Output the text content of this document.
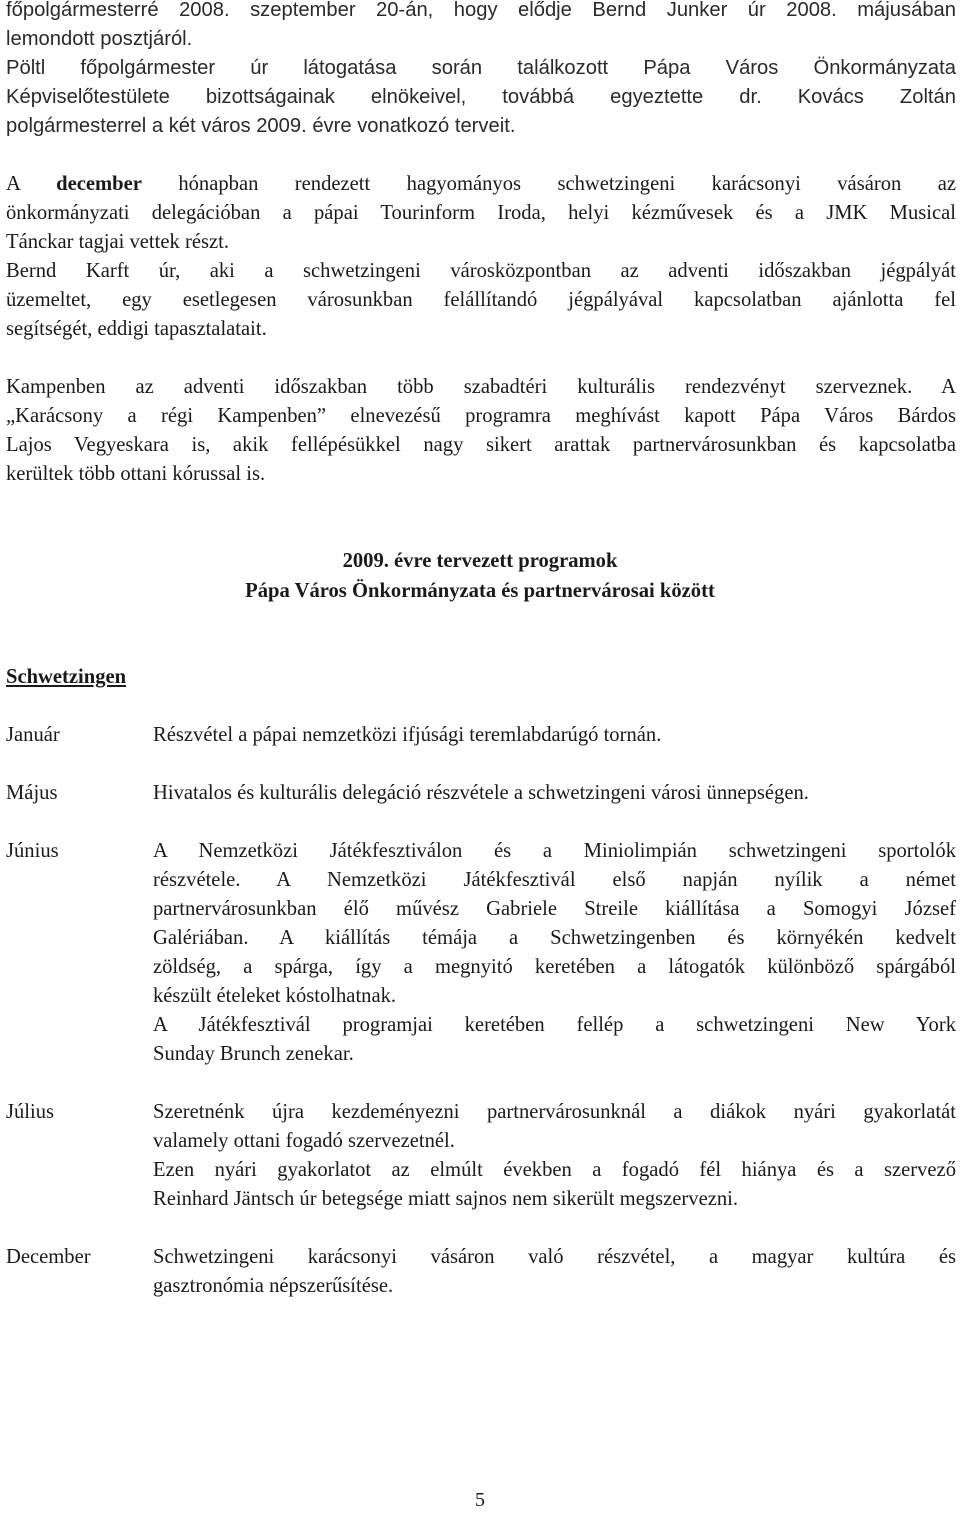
főpolgármesterré 2008. szeptember 20-án, hogy elődje Bernd Junker úr 2008. májusában
lemondott posztjáról.
Pöltl főpolgármester úr látogatása során találkozott Pápa Város Önkormányzata
Képviselőtestülete bizottságainak elnökeivel, továbbá egyeztette dr. Kovács Zoltán
polgármesterrel a két város 2009. évre vonatkozó terveit.
A december hónapban rendezett hagyományos schwetzingeni karácsonyi vásáron az
önkormányzati delegációban a pápai Tourinform Iroda, helyi kézművesek és a JMK Musical
Tánckar tagjai vettek részt.
Bernd Karft úr, aki a schwetzingeni városközpontban az adventi időszakban jégpályát
üzemeltet, egy esetlegesen városunkban felállítandó jégpályával kapcsolatban ajánlotta fel
segítségét, eddigi tapasztalatait.
Kampenben az adventi időszakban több szabadtéri kulturális rendezvényt szerveznek. A
„Karácsony a régi Kampenben” elnevezésű programra meghívást kapott Pápa Város Bárdos
Lajos Vegyeskara is, akik fellépésükkel nagy sikert arattak partnervárosunkban és kapcsolatba
kerültek több ottani kórussal is.
2009. évre tervezett programok
Pápa Város Önkormányzata és partnervárosai között
Schwetzingen
Január	Részvétel a pápai nemzetközi ifjúsági teremlabdarúgó tornán.
Május	Hivatalos és kulturális delegáció részvétele a schwetzingeni városi ünnepségen.
Június	A Nemzetközi Játékfesztiválon és a Miniolimpián schwetzingeni sportolók
részvétele. A Nemzetközi Játékfesztivál első napján nyílik a német
partnervárosunkban élő művész Gabriele Streile kiállítása a Somogyi József
Galériában. A kiállítás témája a Schwetzingenben és környékén kedvelt
zöldség, a spárga, így a megnyitó keretében a látogatók különböző spárgából
készült ételeket kóstolhatnak.
A Játékfesztivál programjai keretében fellép a schwetzingeni New York
Sunday Brunch zenekar.
Július	Szeretnénk újra kezdeményezni partnervárosunknál a diákok nyári gyakorlatát
valamely ottani fogadó szervezetnél.
Ezen nyári gyakorlatot az elmúlt években a fogadó fél hiánya és a szervező
Reinhard Jäntsch úr betegsége miatt sajnos nem sikerült megszervezni.
December	Schwetzingeni karácsonyi vásáron való részvétel, a magyar kultúra és
gasztronómia népszerűsítése.
5
